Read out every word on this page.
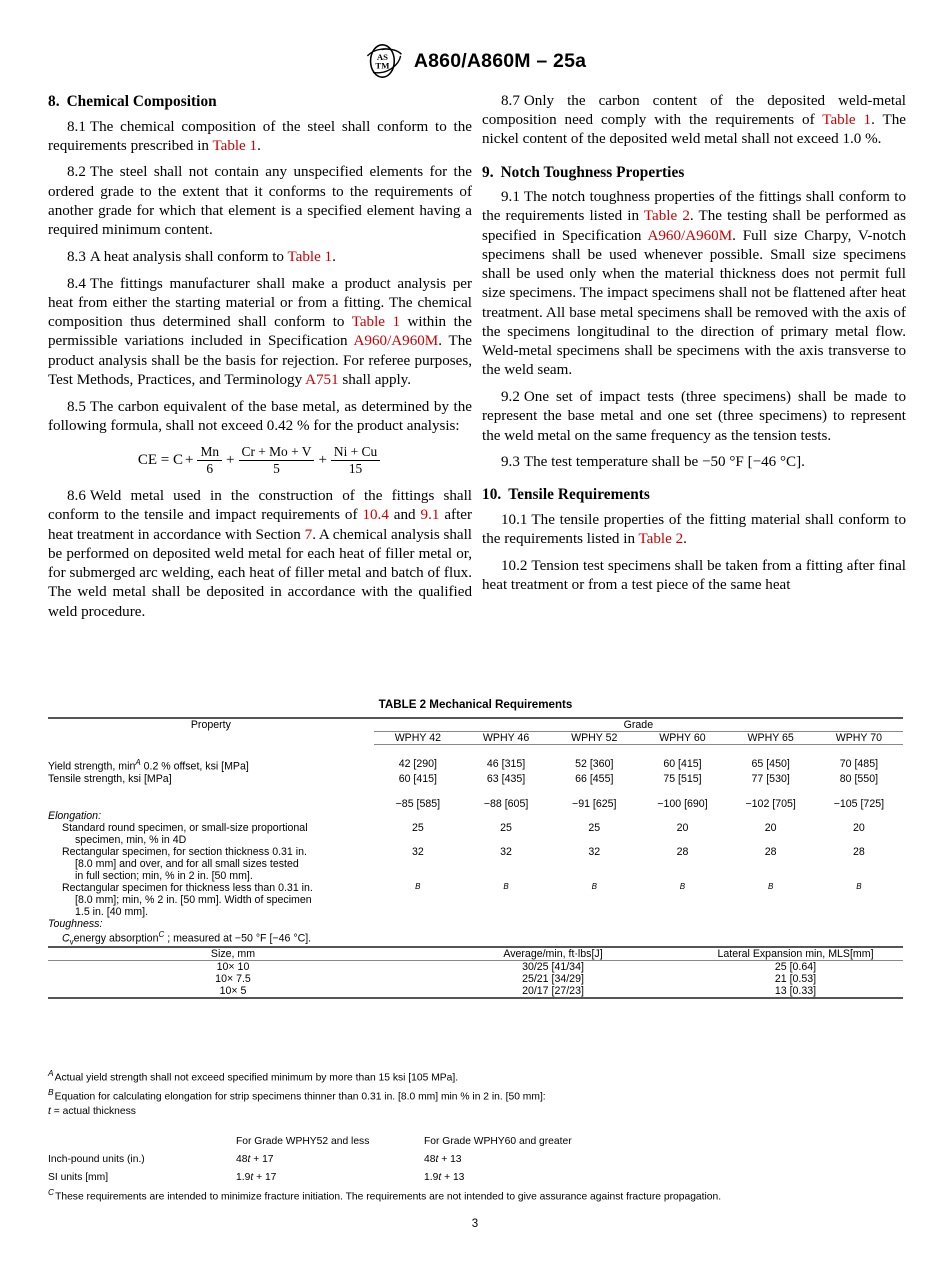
AS
TM A860/A860M – 25a
8. Chemical Composition

8.1 The chemical composition of the steel shall conform to the requirements prescribed in Table 1.

8.2 The steel shall not contain any unspecified elements for the ordered grade to the extent that it conforms to the requirements of another grade for which that element is a specified element having a required minimum content.

8.3 A heat analysis shall conform to Table 1.

8.4 The fittings manufacturer shall make a product analysis per heat from either the starting material or from a fitting. The chemical composition thus determined shall conform to Table 1 within the permissible variations included in Specification A960/A960M. The product analysis shall be the basis for rejection. For referee purposes, Test Methods, Practices, and Terminology A751 shall apply.

8.5 The carbon equivalent of the base metal, as determined by the following formula, shall not exceed 0.42 % for the product analysis:

CE = $C + \frac{Mn}{6} + \frac{Cr + Mo + V}{5} + \frac{Ni + Cu}{15}$

8.6 Weld metal used in the construction of the fittings shall conform to the tensile and impact requirements of 10.4 and 9.1 after heat treatment in accordance with Section 7. A chemical analysis shall be performed on deposited weld metal for each heat of filler metal or, for submerged arc welding, each heat of filler metal and batch of flux. The weld metal shall be deposited in accordance with the qualified weld procedure.

8.7 Only the carbon content of the deposited weld-metal composition need comply with the requirements of Table 1. The nickel content of the deposited weld metal shall not exceed 1.0 %.

9. Notch Toughness Properties

9.1 The notch toughness properties of the fittings shall conform to the requirements listed in Table 2. The testing shall be performed as specified in Specification A960/A960M. Full size Charpy, V-notch specimens shall be used whenever possible. Small size specimens shall be used only when the material thickness does not permit full size specimens. The impact specimens shall not be flattened after heat treatment. All base metal specimens shall be removed with the axis of the specimens longitudinal to the direction of primary metal flow. Weld-metal specimens shall be specimens with the axis transverse to the weld seam.

9.2 One set of impact tests (three specimens) shall be made to represent the base metal and one set (three specimens) to represent the weld metal on the same frequency as the tension tests.

9.3 The test temperature shall be −50 °F [−46 °C].

10. Tensile Requirements

10.1 The tensile properties of the fitting material shall conform to the requirements listed in Table 2.

10.2 Tension test specimens shall be taken from a fitting after final heat treatment or from a test piece of the same heat

TABLE 2 Mechanical Requirements
Property	Grade					
	WPHY 42	WPHY 46	WPHY 52	WPHY 60	WPHY 65	WPHY 70

Yield strength, min$^A$ 0.2 % offset, ksi [MPa]	42 [290]	46 [315]	52 [360]	60 [415]	65 [450]	70 [485]
Tensile strength, ksi [MPa]	60 [415]	63 [435]	66 [455]	75 [515]	77 [530]	80 [550]

	−85 [585]	−88 [605]	−91 [625]	−100 [690]	−102 [705]	−105 [725]
Elongation:						

Standard round specimen, or small-size proportional
specimen, min, % in 4D	25	25	25	20	20	20

Rectangular specimen, for section thickness 0.31 in.
[8.0 mm] and over, and for all small sizes tested
in full section; min, % in 2 in. [50 mm].	32	32	32	28	28	28

Rectangular specimen for thickness less than 0.31 in.
[8.0 mm]; min, % 2 in. [50 mm]. Width of specimen
1.5 in. [40 mm].	$^B$	$^B$	$^B$	$^B$	$^B$	$^B$
Toughness:						

$C_venergy$ absorption$^C$ ; measured at −50 °F [−46 °C].						
Size, mm	Average/min, ft·lbs[J]	Lateral Expansion min, MLS[mm]
10× 10	30/25 [41/34]	25 [0.64]
10× 7.5	25/21 [34/29]	21 [0.53]
10× 5	20/17 [27/23]	13 [0.33]

$^A$Actual yield strength shall not exceed specified minimum by more than 15 ksi [105 MPa].

$^B$Equation for calculating elongation for strip specimens thinner than 0.31 in. [8.0 mm] min % in 2 in. [50 mm]:

t = actual thickness

	For Grade WPHY52 and less	For Grade WPHY60 and greater
Inch-pound units (in.)	48t + 17	48t + 13
SI units [mm]	1.9t + 17	1.9t + 13

$^C$These requirements are intended to minimize fracture initiation. The requirements are not intended to give assurance against fracture propagation.

3
